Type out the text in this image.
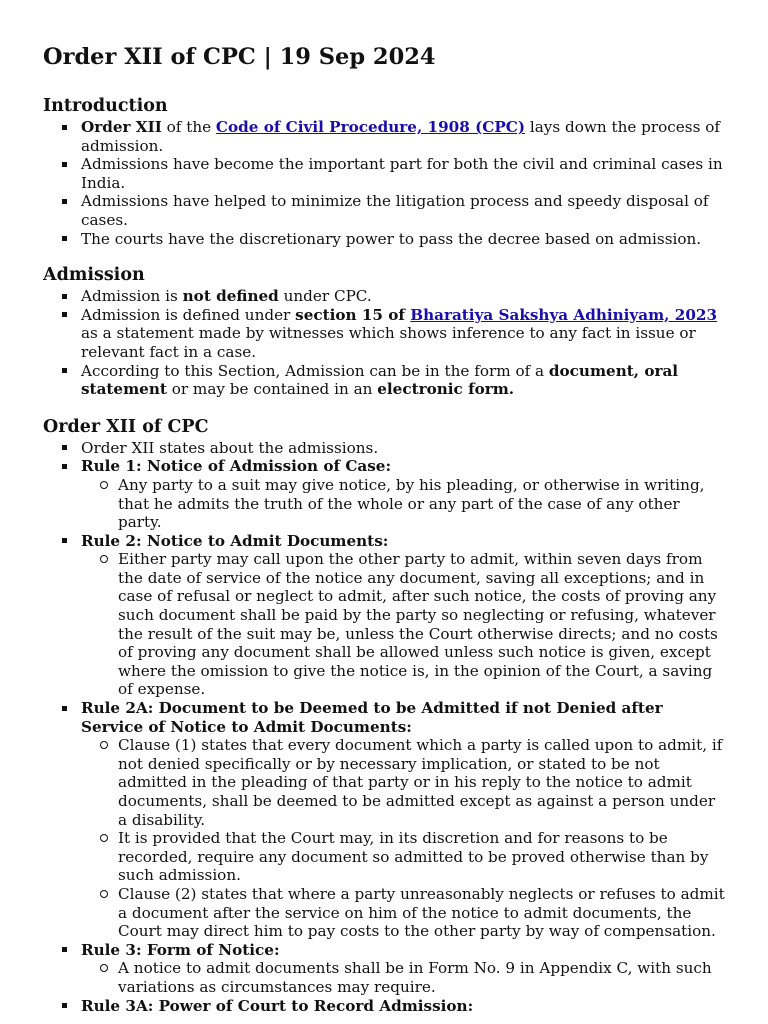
Order XII of CPC | 19 Sep 2024
Introduction
Order XII of the Code of Civil Procedure, 1908 (CPC) lays down the process of admission.
Admissions have become the important part for both the civil and criminal cases in India.
Admissions have helped to minimize the litigation process and speedy disposal of cases.
The courts have the discretionary power to pass the decree based on admission.
Admission
Admission is not defined under CPC.
Admission is defined under section 15 of Bharatiya Sakshya Adhiniyam, 2023 as a statement made by witnesses which shows inference to any fact in issue or relevant fact in a case.
According to this Section, Admission can be in the form of a document, oral statement or may be contained in an electronic form.
Order XII of CPC
Order XII states about the admissions.
Rule 1: Notice of Admission of Case:
Any party to a suit may give notice, by his pleading, or otherwise in writing, that he admits the truth of the whole or any part of the case of any other party.
Rule 2: Notice to Admit Documents:
Either party may call upon the other party to admit, within seven days from the date of service of the notice any document, saving all exceptions; and in case of refusal or neglect to admit, after such notice, the costs of proving any such document shall be paid by the party so neglecting or refusing, whatever the result of the suit may be, unless the Court otherwise directs; and no costs of proving any document shall be allowed unless such notice is given, except where the omission to give the notice is, in the opinion of the Court, a saving of expense.
Rule 2A: Document to be Deemed to be Admitted if not Denied after Service of Notice to Admit Documents:
Clause (1) states that every document which a party is called upon to admit, if not denied specifically or by necessary implication, or stated to be not admitted in the pleading of that party or in his reply to the notice to admit documents, shall be deemed to be admitted except as against a person under a disability.
It is provided that the Court may, in its discretion and for reasons to be recorded, require any document so admitted to be proved otherwise than by such admission.
Clause (2) states that where a party unreasonably neglects or refuses to admit a document after the service on him of the notice to admit documents, the Court may direct him to pay costs to the other party by way of compensation.
Rule 3: Form of Notice:
A notice to admit documents shall be in Form No. 9 in Appendix C, with such variations as circumstances may require.
Rule 3A: Power of Court to Record Admission:
